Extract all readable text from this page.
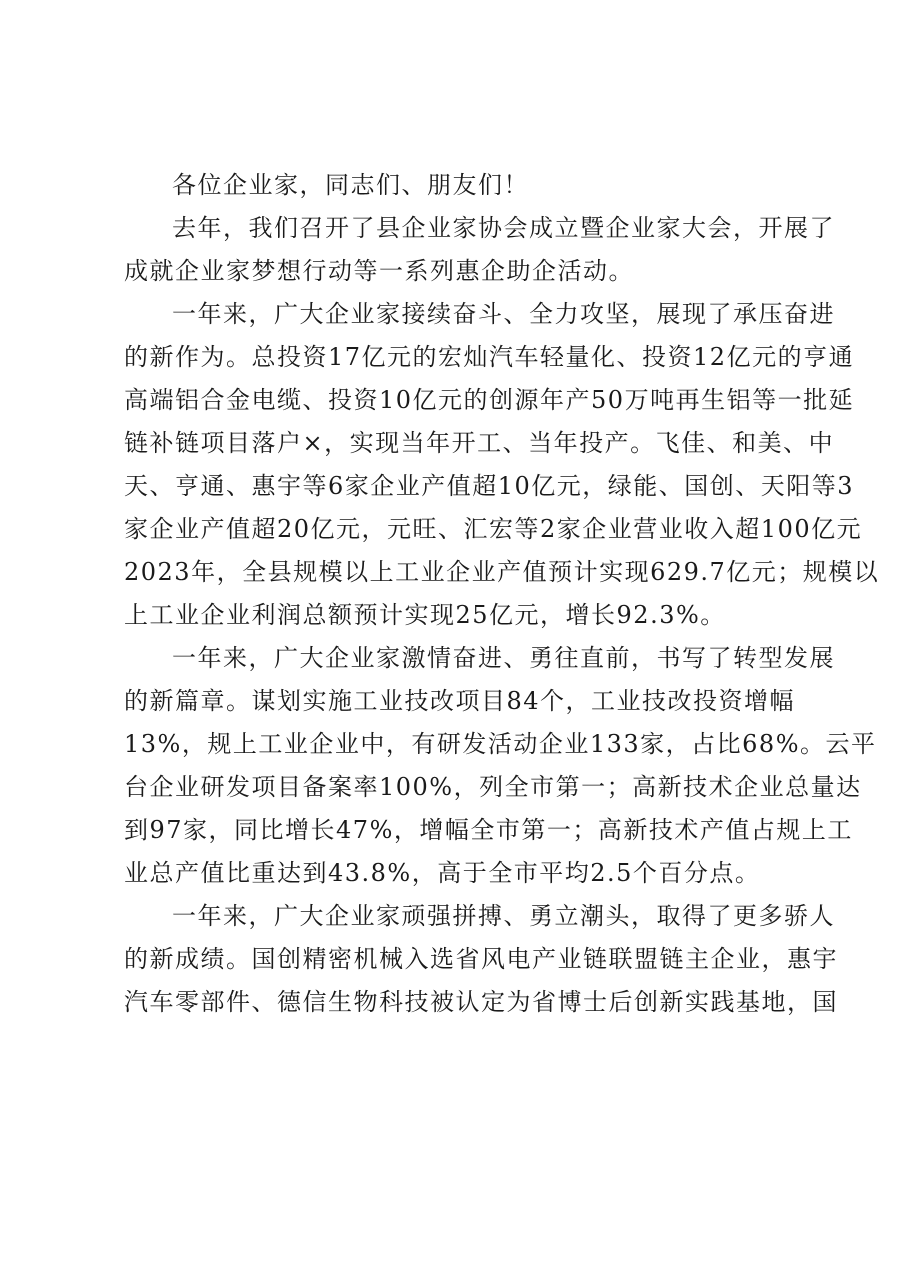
各位企业家，同志们、朋友们！
去年，我们召开了县企业家协会成立暨企业家大会，开展了
成就企业家梦想行动等一系列惠企助企活动。
一年来，广大企业家接续奋斗、全力攻坚，展现了承压奋进
的新作为。总投资17亿元的宏灿汽车轻量化、投资12亿元的亨通
高端铝合金电缆、投资10亿元的创源年产50万吨再生铝等一批延
链补链项目落户×，实现当年开工、当年投产。飞佳、和美、中
天、亨通、惠宇等6家企业产值超10亿元，绿能、国创、天阳等3
家企业产值超20亿元，元旺、汇宏等2家企业营业收入超100亿元
2023年，全县规模以上工业企业产值预计实现629.7亿元；规模以
上工业企业利润总额预计实现25亿元，增长92.3%。
一年来，广大企业家激情奋进、勇往直前，书写了转型发展
的新篇章。谋划实施工业技改项目84个，工业技改投资增幅
13%，规上工业企业中，有研发活动企业133家，占比68%。云平
台企业研发项目备案率100%，列全市第一；高新技术企业总量达
到97家，同比增长47%，增幅全市第一；高新技术产值占规上工
业总产值比重达到43.8%，高于全市平均2.5个百分点。
一年来，广大企业家顽强拼搏、勇立潮头，取得了更多骄人
的新成绩。国创精密机械入选省风电产业链联盟链主企业，惠宇
汽车零部件、德信生物科技被认定为省博士后创新实践基地，国
